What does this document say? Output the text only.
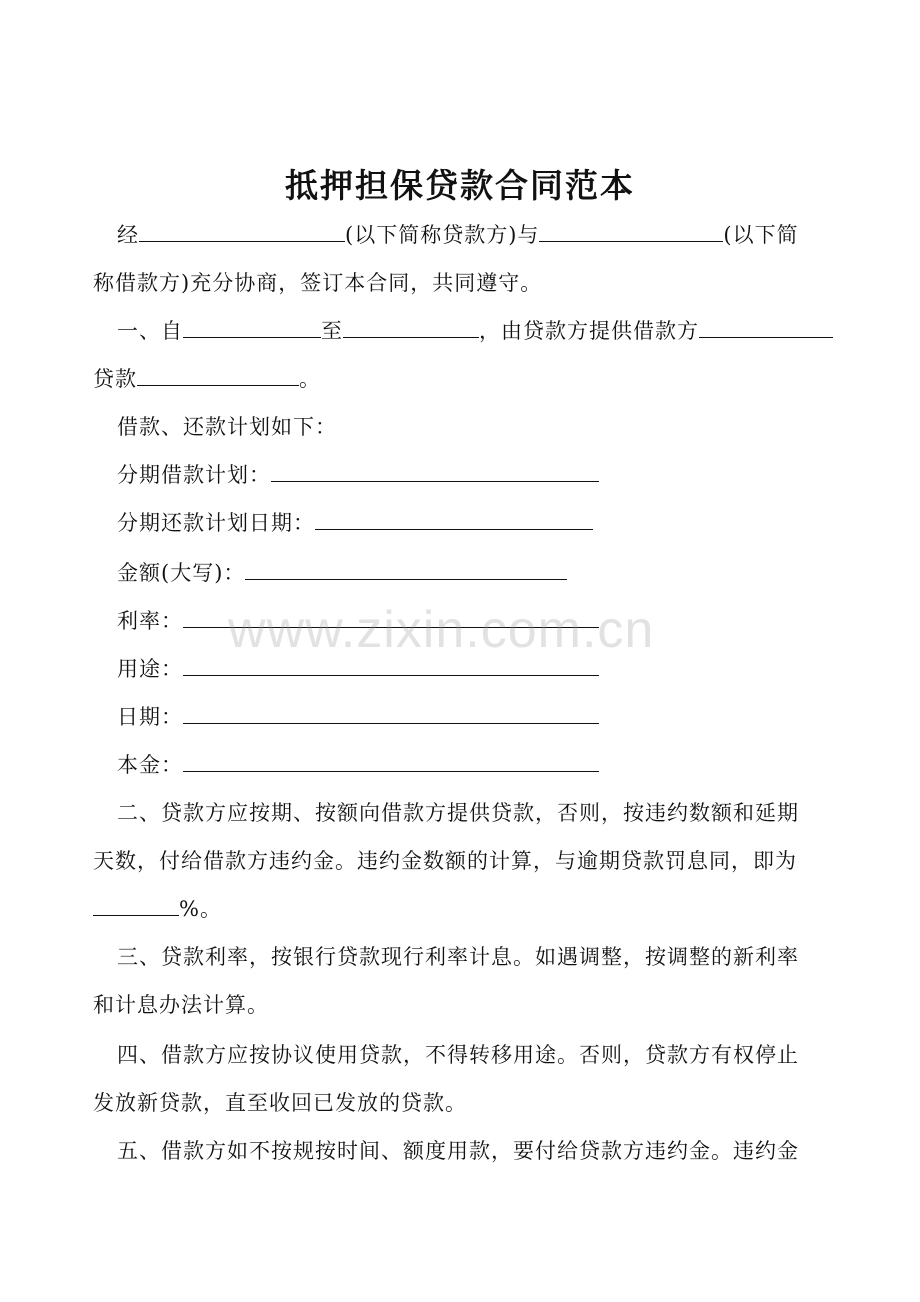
抵押担保贷款合同范本
经	(以下简称贷款方)与	(以下简
称借款方)充分协商，签订本合同，共同遵守。
一、自	至	，由贷款方提供借款方
贷款	。
借款、还款计划如下：
分期借款计划：
分期还款计划日期：
金额(大写)：
利率：
用途：
日期：
本金：
二、贷款方应按期、按额向借款方提供贷款，否则，按违约数额和延期
天数，付给借款方违约金。违约金数额的计算，与逾期贷款罚息同，即为
%。
三、贷款利率，按银行贷款现行利率计息。如遇调整，按调整的新利率
和计息办法计算。
四、借款方应按协议使用贷款，不得转移用途。否则，贷款方有权停止
发放新贷款，直至收回已发放的贷款。
五、借款方如不按规按时间、额度用款，要付给贷款方违约金。违约金
www.zixin.com.cn
